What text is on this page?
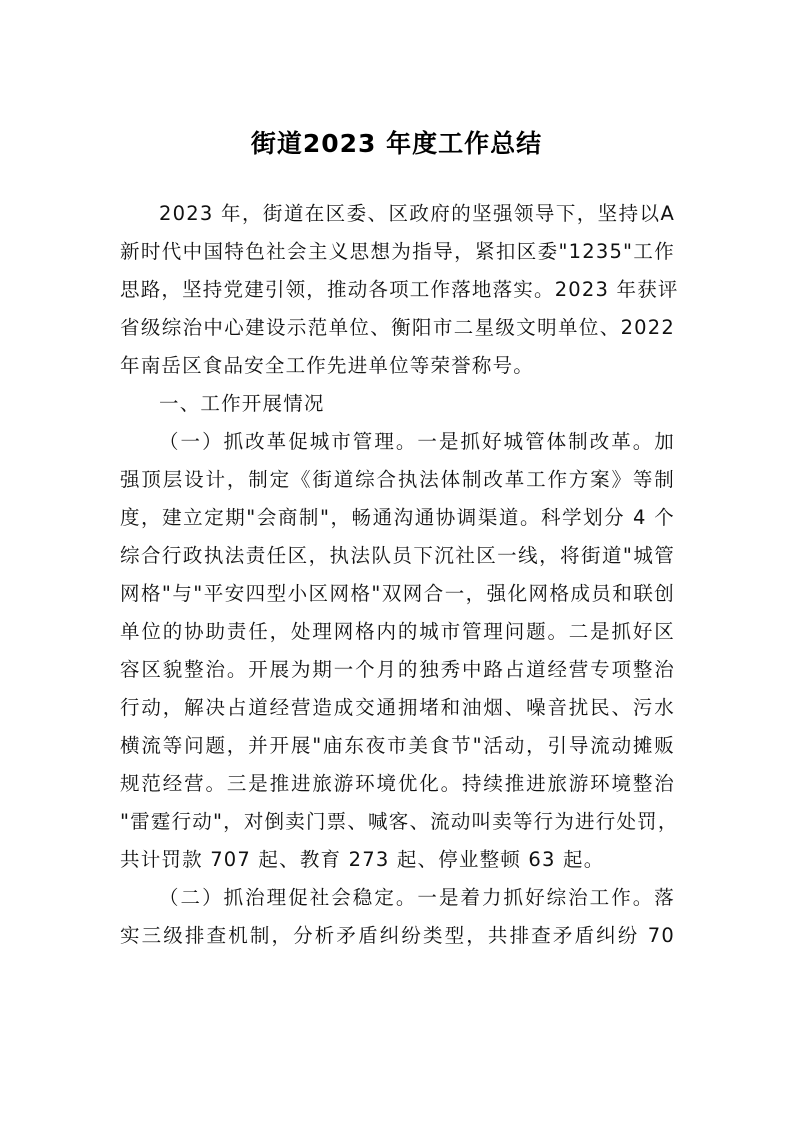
街道2023 年度工作总结
2023 年，街道在区委、区政府的坚强领导下，坚持以A
新时代中国特色社会主义思想为指导，紧扣区委"1235"工作
思路，坚持党建引领，推动各项工作落地落实。2023 年获评
省级综治中心建设示范单位、衡阳市二星级文明单位、2022
年南岳区食品安全工作先进单位等荣誉称号。
一、工作开展情况
（一）抓改革促城市管理。一是抓好城管体制改革。加
强顶层设计，制定《街道综合执法体制改革工作方案》等制
度，建立定期"会商制"，畅通沟通协调渠道。科学划分 4 个
综合行政执法责任区，执法队员下沉社区一线，将街道"城管
网格"与"平安四型小区网格"双网合一，强化网格成员和联创
单位的协助责任，处理网格内的城市管理问题。二是抓好区
容区貌整治。开展为期一个月的独秀中路占道经营专项整治
行动，解决占道经营造成交通拥堵和油烟、噪音扰民、污水
横流等问题，并开展"庙东夜市美食节"活动，引导流动摊贩
规范经营。三是推进旅游环境优化。持续推进旅游环境整治
"雷霆行动"，对倒卖门票、喊客、流动叫卖等行为进行处罚，
共计罚款 707 起、教育 273 起、停业整顿 63 起。
（二）抓治理促社会稳定。一是着力抓好综治工作。落
实三级排查机制，分析矛盾纠纷类型，共排查矛盾纠纷 70
